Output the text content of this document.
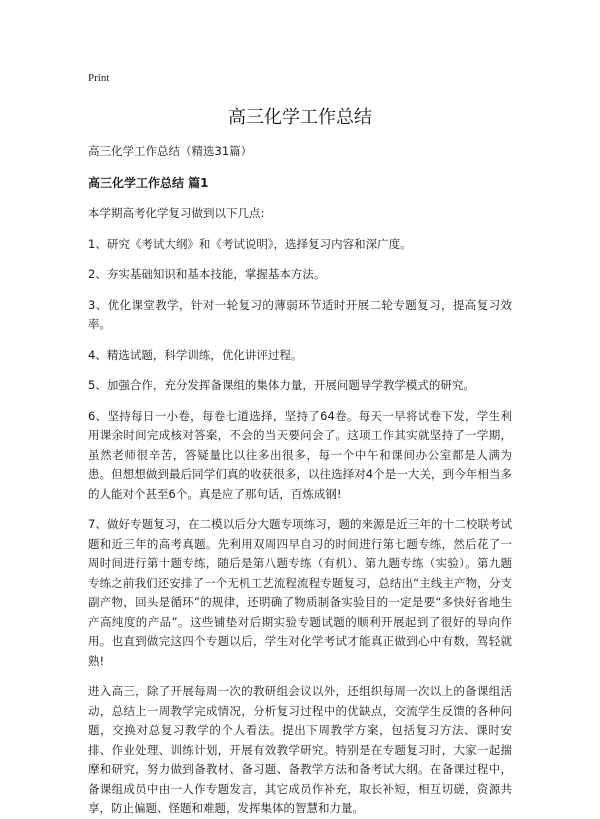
Print
高三化学工作总结

高三化学工作总结（精选31篇）

高三化学工作总结 篇1

本学期高考化学复习做到以下几点:

1、研究《考试大纲》和《考试说明》，选择复习内容和深广度。

2、夯实基础知识和基本技能，掌握基本方法。

3、优化课堂教学，针对一轮复习的薄弱环节适时开展二轮专题复习，提高复习效率。

4、精选试题，科学训练，优化讲评过程。

5、加强合作，充分发挥备课组的集体力量，开展问题导学教学模式的研究。

6、坚持每日一小卷，每卷七道选择，坚持了64卷。每天一早将试卷下发，学生利用课余时间完成核对答案，不会的当天要问会了。这项工作其实就坚持了一学期，虽然老师很辛苦，答疑量比以往多出很多，每一个中午和课间办公室都是人满为患。但想想做到最后同学们真的收获很多，以往选择对4个是一大关，到今年相当多的人能对个甚至6个。真是应了那句话，百炼成钢!

7、做好专题复习，在二模以后分大题专项练习，题的来源是近三年的十二校联考试题和近三年的高考真题。先利用双周四早自习的时间进行第七题专练，然后花了一周时间进行第十题专练，随后是第八题专练（有机）、第九题专练（实验）。第九题专练之前我们还安排了一个无机工艺流程流程专题复习，总结出“主线主产物，分支副产物，回头是循环”的规律，还明确了物质制备实验目的一定是要“多快好省地生产高纯度的产品”。这些铺垫对后期实验专题试题的顺利开展起到了很好的导向作用。也直到做完这四个专题以后，学生对化学考试才能真正做到心中有数，驾轻就熟!

进入高三，除了开展每周一次的教研组会议以外，还组织每周一次以上的备课组活动，总结上一周教学完成情况，分析复习过程中的优缺点，交流学生反馈的各种问题，交换对总复习教学的个人看法。提出下周教学方案，包括复习方法、课时安排、作业处理、训练计划，开展有效教学研究。特别是在专题复习时，大家一起揣摩和研究，努力做到备教材、备习题、备教学方法和备考试大纲。在备课过程中，备课组成员中由一人作专题发言，其它成员作补充，取长补短，相互切磋，资源共享，防止偏题、怪题和难题，发挥集体的智慧和力量。
